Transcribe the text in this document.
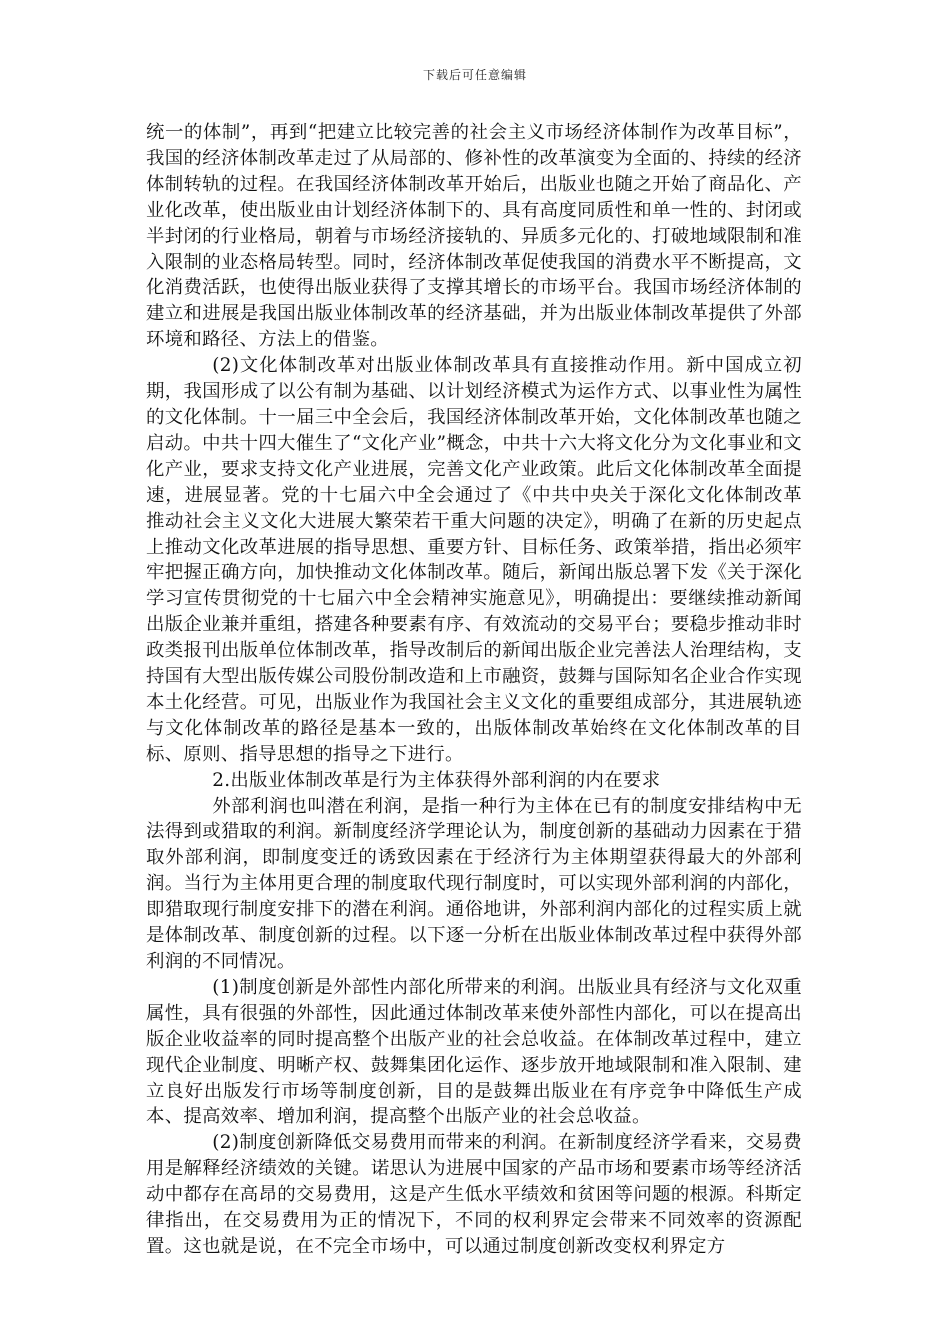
下载后可任意编辑

统一的体制”，再到“把建立比较完善的社会主义市场经济体制作为改革目标”，我国的经济体制改革走过了从局部的、修补性的改革演变为全面的、持续的经济体制转轨的过程。在我国经济体制改革开始后，出版业也随之开始了商品化、产业化改革，使出版业由计划经济体制下的、具有高度同质性和单一性的、封闭或半封闭的行业格局，朝着与市场经济接轨的、异质多元化的、打破地域限制和准入限制的业态格局转型。同时，经济体制改革促使我国的消费水平不断提高，文化消费活跃，也使得出版业获得了支撑其增长的市场平台。我国市场经济体制的建立和进展是我国出版业体制改革的经济基础，并为出版业体制改革提供了外部环境和路径、方法上的借鉴。

(2)文化体制改革对出版业体制改革具有直接推动作用。新中国成立初期，我国形成了以公有制为基础、以计划经济模式为运作方式、以事业性为属性的文化体制。十一届三中全会后，我国经济体制改革开始，文化体制改革也随之启动。中共十四大催生了“文化产业”概念，中共十六大将文化分为文化事业和文化产业，要求支持文化产业进展，完善文化产业政策。此后文化体制改革全面提速，进展显著。党的十七届六中全会通过了《中共中央关于深化文化体制改革 推动社会主义文化大进展大繁荣若干重大问题的决定》，明确了在新的历史起点上推动文化改革进展的指导思想、重要方针、目标任务、政策举措，指出必须牢牢把握正确方向，加快推动文化体制改革。随后，新闻出版总署下发《关于深化学习宣传贯彻党的十七届六中全会精神实施意见》，明确提出：要继续推动新闻出版企业兼并重组，搭建各种要素有序、有效流动的交易平台；要稳步推动非时政类报刊出版单位体制改革，指导改制后的新闻出版企业完善法人治理结构，支持国有大型出版传媒公司股份制改造和上市融资，鼓舞与国际知名企业合作实现本土化经营。可见，出版业作为我国社会主义文化的重要组成部分，其进展轨迹与文化体制改革的路径是基本一致的，出版体制改革始终在文化体制改革的目标、原则、指导思想的指导之下进行。

2.出版业体制改革是行为主体获得外部利润的内在要求

外部利润也叫潜在利润，是指一种行为主体在已有的制度安排结构中无法得到或猎取的利润。新制度经济学理论认为，制度创新的基础动力因素在于猎取外部利润，即制度变迁的诱致因素在于经济行为主体期望获得最大的外部利润。当行为主体用更合理的制度取代现行制度时，可以实现外部利润的内部化，即猎取现行制度安排下的潜在利润。通俗地讲，外部利润内部化的过程实质上就是体制改革、制度创新的过程。以下逐一分析在出版业体制改革过程中获得外部利润的不同情况。

(1)制度创新是外部性内部化所带来的利润。出版业具有经济与文化双重属性，具有很强的外部性，因此通过体制改革来使外部性内部化，可以在提高出版企业收益率的同时提高整个出版产业的社会总收益。在体制改革过程中，建立现代企业制度、明晰产权、鼓舞集团化运作、逐步放开地域限制和准入限制、建立良好出版发行市场等制度创新，目的是鼓舞出版业在有序竞争中降低生产成本、提高效率、增加利润，提高整个出版产业的社会总收益。

(2)制度创新降低交易费用而带来的利润。在新制度经济学看来，交易费用是解释经济绩效的关键。诺思认为进展中国家的产品市场和要素市场等经济活动中都存在高昂的交易费用，这是产生低水平绩效和贫困等问题的根源。科斯定律指出，在交易费用为正的情况下，不同的权利界定会带来不同效率的资源配置。这也就是说，在不完全市场中，可以通过制度创新改变权利界定方
